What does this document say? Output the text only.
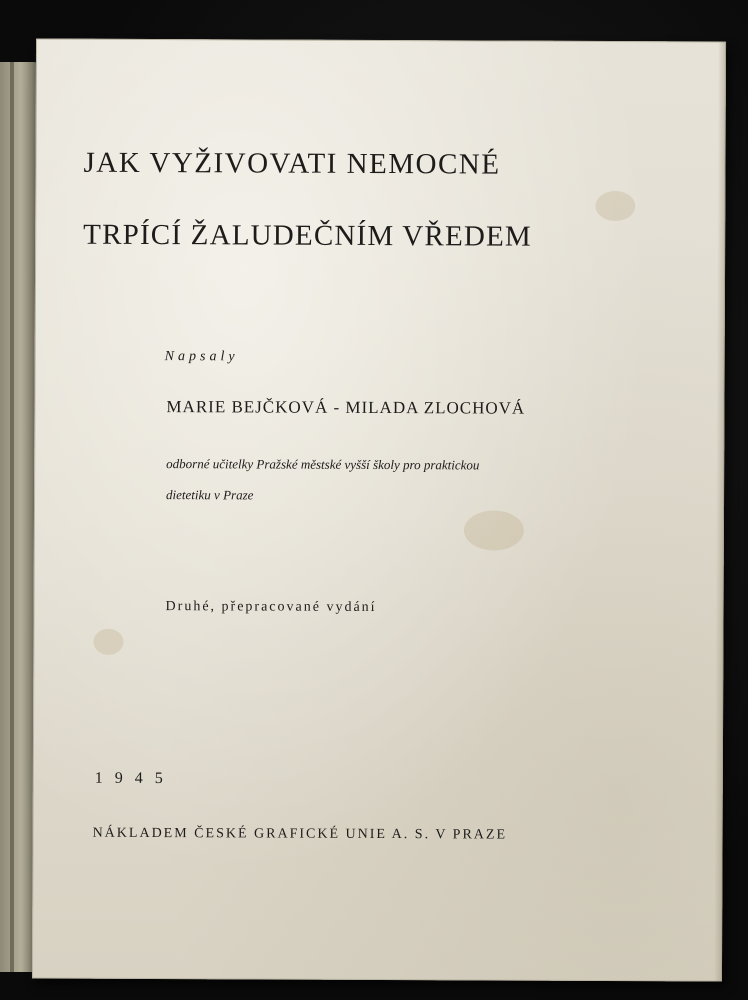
JAK VYŽIVOVATI NEMOCNÉ

TRPÍCÍ ŽALUDEČNÍM VŘEDEM

Napsaly

MARIE BEJČKOVÁ - MILADA ZLOCHOVÁ

odborné učitelky Pražské městské vyšší školy pro praktickou

dietetiku v Praze

Druhé, přepracované vydání

1945

NÁKLADEM ČESKÉ GRAFICKÉ UNIE A. S. V PRAZE
